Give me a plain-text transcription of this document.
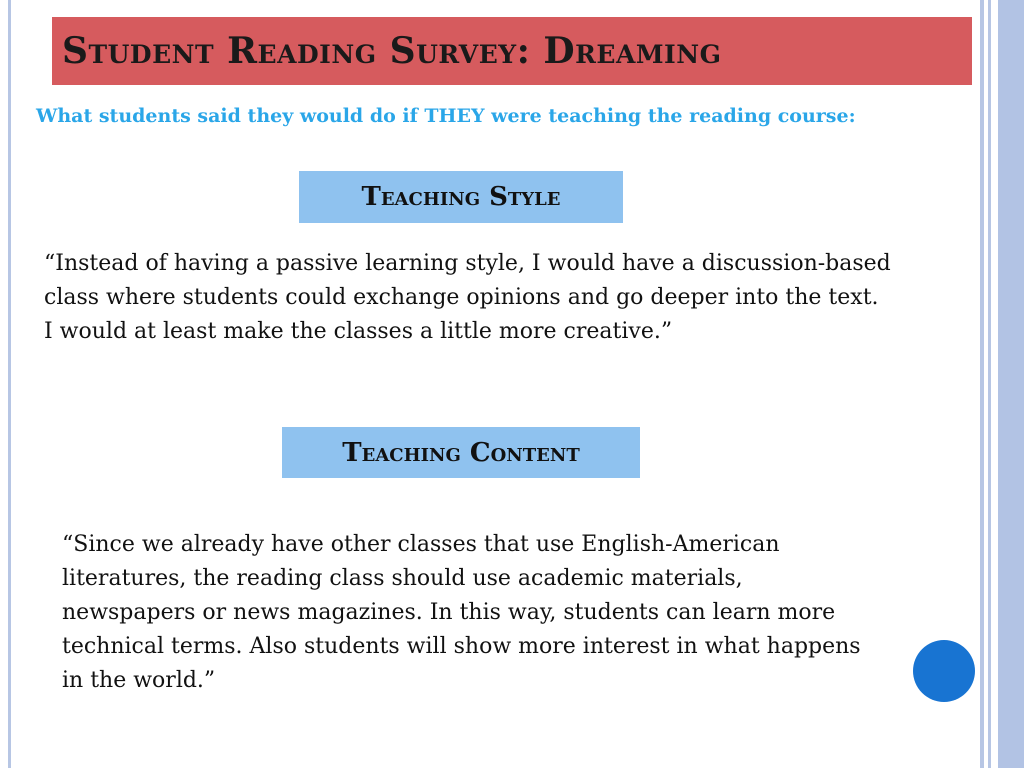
Student Reading Survey: Dreaming
What students said they would do if THEY were teaching the reading course:
Teaching Style
“Instead of having a passive learning style, I would have a discussion-based class where students could exchange opinions and go deeper into the text. I would at least make the classes a little more creative.”
Teaching Content
“Since we already have other classes that use English-American literatures, the reading class should use academic materials, newspapers or news magazines. In this way, students can learn more technical terms. Also students will show more interest in what happens in the world.”
